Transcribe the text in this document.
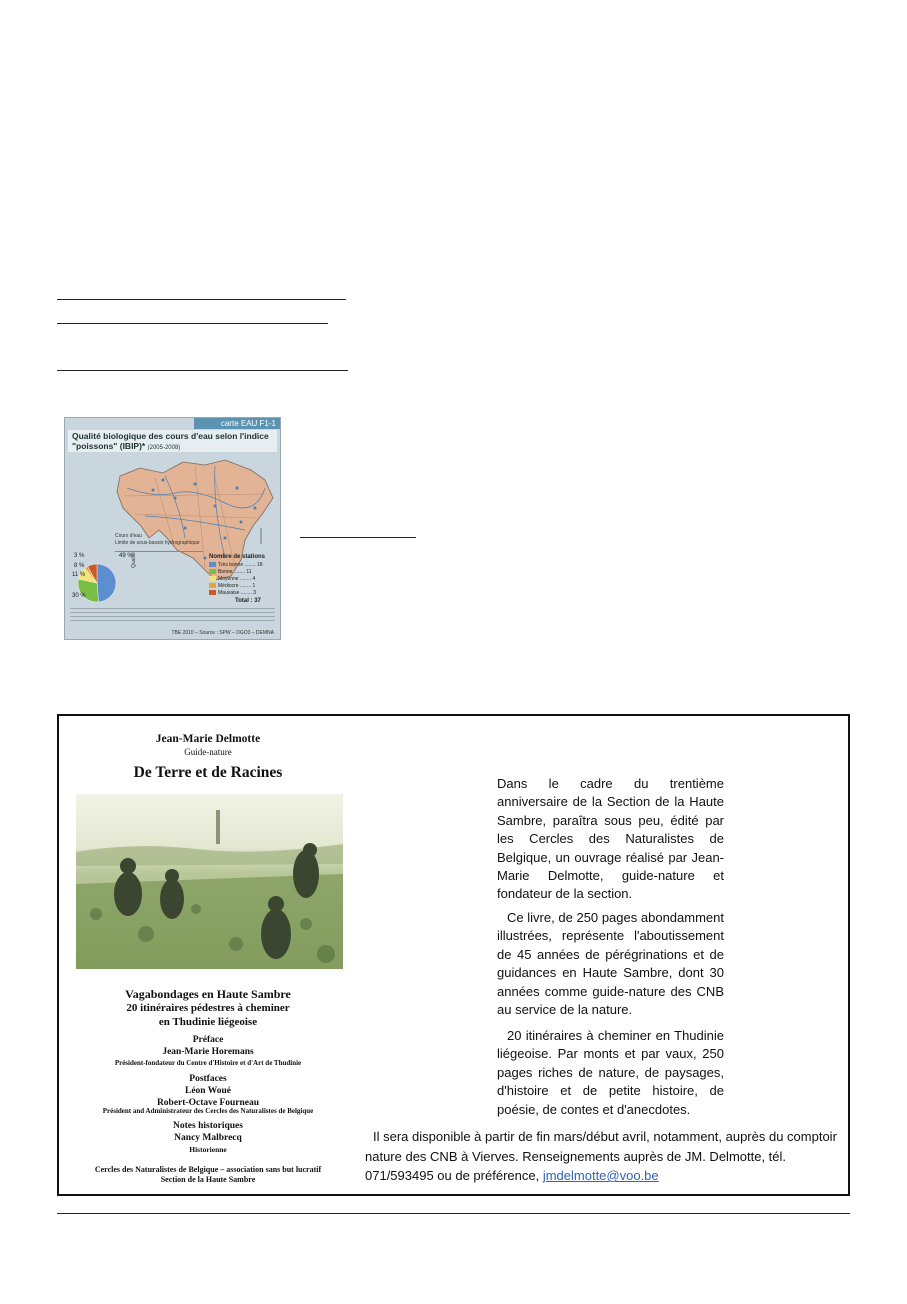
carte EAU F1-1
Qualité biologique des cours d'eau selon l'indice "poissons" (IBIP)* (2005-2008)
Cours d'eau
Limite de sous-bassin hydrographique
3 %
8 %
11 %
30 %
49 %
Qualité	Nombre de stations
Très bonne ........ 18
Bonne ........ 11
Moyenne ........ 4
Médiocre ........ 1
Mauvaise ........ 3
Total : 37
TBE 2010 – Source : SPW – DGO3 – DEMNA
Jean-Marie Delmotte
Guide-nature
De Terre et de Racines
Vagabondages en Haute Sambre
20 itinéraires pédestres à cheminer
en Thudinie liégeoise
Préface
Jean-Marie Horemans
Président-fondateur du Centre d'Histoire et d'Art de Thudinie
Postfaces
Léon Woué
Robert-Octave Fourneau
Président and Administrateur des Cercles des Naturalistes de Belgique
Notes historiques
Nancy Malbrecq
Historienne
Cercles des Naturalistes de Belgique – association sans but lucratif
Section de la Haute Sambre

Dans le cadre du trentième anniversaire de la Section de la Haute Sambre, paraîtra sous peu, édité par les Cercles des Naturalistes de Belgique, un ouvrage réalisé par Jean-Marie Delmotte, guide-nature et fondateur de la section.

Ce livre, de 250 pages abondamment illustrées, représente l'aboutissement de 45 années de pérégrinations et de guidances en Haute Sambre, dont 30 années comme guide-nature des CNB au service de la nature.

20 itinéraires à cheminer en Thudinie liégeoise. Par monts et par vaux, 250 pages riches de nature, de paysages, d'histoire et de petite histoire, de poésie, de contes et d'anecdotes.

Il sera disponible à partir de fin mars/début avril, notamment, auprès du comptoir nature des CNB à Vierves. Renseignements auprès de JM. Delmotte, tél. 071/593495 ou de préférence, jmdelmotte@voo.be
